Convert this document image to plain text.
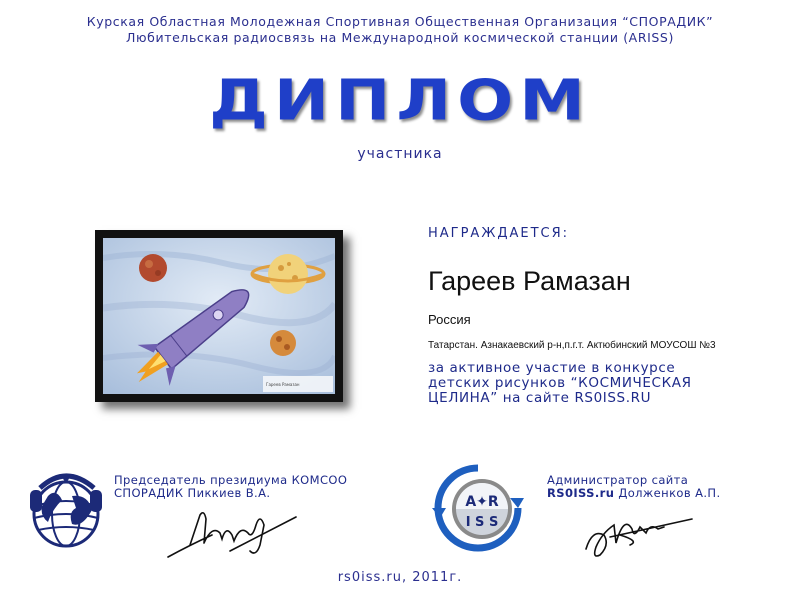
Курская Областная Молодежная Спортивная Общественная Организация “СПОРАДИК”
Любительская радиосвязь на Международной космической станции (ARISS)
ДИПЛОМ
участника
Гареев Рамазан
НАГРАЖДАЕТСЯ:
Гареев Рамазан
Россия
Татарстан. Азнакаевский р-н,п.г.т. Актюбинский МОУСОШ №3
за активное участие в конкурсе
детских рисунков “КОСМИЧЕСКАЯ
ЦЕЛИНА” на сайте RS0ISS.RU
Председатель президиума КОМСОО
СПОРАДИК Пиккиев В.А.
A✦R
I S S
Администратор сайта
RS0ISS.ru Долженков А.П.
rs0iss.ru, 2011г.
